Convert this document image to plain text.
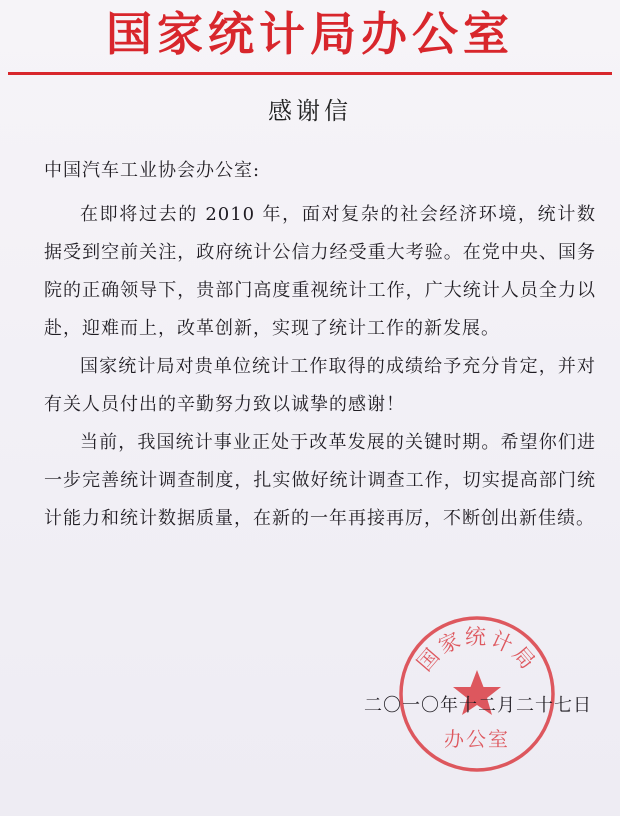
国家统计局办公室
感谢信
中国汽车工业协会办公室:

在即将过去的 2010 年，面对复杂的社会经济环境，统计数据受到空前关注，政府统计公信力经受重大考验。在党中央、国务院的正确领导下，贵部门高度重视统计工作，广大统计人员全力以赴，迎难而上，改革创新，实现了统计工作的新发展。

国家统计局对贵单位统计工作取得的成绩给予充分肯定，并对有关人员付出的辛勤努力致以诚挚的感谢！

当前，我国统计事业正处于改革发展的关键时期。希望你们进一步完善统计调查制度，扎实做好统计调查工作，切实提高部门统计能力和统计数据质量，在新的一年再接再厉，不断创出新佳绩。

国家统计局
办公室
二〇一〇年十二月二十七日
